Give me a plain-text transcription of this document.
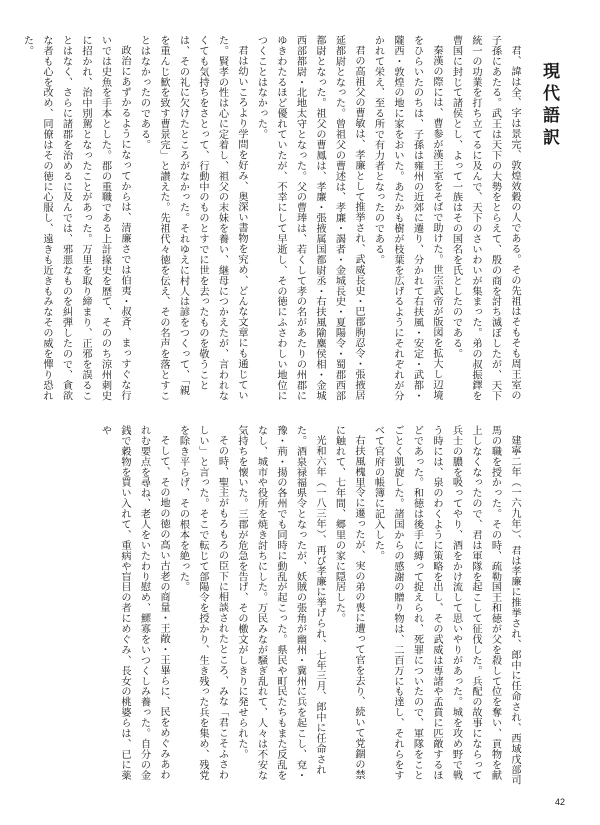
現代語訳

君、諱は全、字は景完、敦煌效穀の人である。その先祖はそもそも周王室の子孫にあたる。武王は天下の大勢をとらえて、殷の商を討ち滅ぼしたが、天下統一の功業を打ち立てるに及んで、天下のさいわいが集まった。弟の叔振鐸を曹国に封じて諸侯とし、よって一族はその国名を氏としたのである。

秦漢の際には、曹参が漢王室をそばで助けた。世宗武帝が版図を拡大し辺境をひらいたのちは、子孫は雍州の近郊に遷り、分かれて右扶風・安定・武都・隴西・敦煌の地に家をおいた。あたかも樹が枝葉を広げるようにそれぞれが分かれて栄え、至る所で有力者となったのである。

君の高祖父の曹敏は、孝廉として推挙され、武威長史・巴郡朐忍令・張掖居延都尉となった。曾祖父の曹述は、孝廉・謁者・金城長史・夏陽令・蜀郡西部都尉となった。祖父の曹鳳は、孝廉・張掖属国都尉丞・右扶風隃麋侯相・金城西部都尉・北地太守となった。父の曹琫は、若くして孝の名があたりの州郡にゆきわたるほど優れていたが、不幸にして早逝し、その徳にふさわしい地位につくことはなかった。

君は幼いころより学問を好み、奥深い書物を究め、どんな文章にも通じていた。賢孝の性は心に定着し、祖父の末妹を養い、継母につかえたが、言われなくても気持ちをさとって、行動中のものとすでに世を去ったものを敬うことは、その礼に欠けたところがなかった。それゆえに村人は諺をつくって、「親を重んじ歓を致す曹景完」と讃えた。先祖代々徳を伝え、その名声を落とすことはなかったのである。

政治にあずかるようになってからは、清廉さでは伯夷・叔斉、まっすぐな行いでは史魚を手本とした。郡の重職である上計掾史を歴て、そののち涼州刺史に招かれ、治中別駕となったことがあった。万里を取り締まり、正邪を誤ることはなく、さらに諸郡を治めるに及んでは、邪悪なものを糾弾したので、貪欲な者も心を改め、同僚はその徳に心服し、遠きも近きもみなその威を憚り恐れた。

建寧二年（一六九年）、君は孝廉に推挙され、郎中に任命され、西域戊部司馬の職を授かった。その時、疏勒国王和徳が父を殺して位を奪い、貢物を献上しなくなったので、君は軍隊を起こして征伐した。兵配の故事にならって兵士の膿を吸ってやり、酒をかけ流して思いやりがあった。城を攻め野で戦う時には、泉のわくように策略を出し、その武威は専諸や孟賁に匹敵するほどであった。和徳は後手に縛って捉えられ、死罪についたので、軍隊をことごとく凱旋した。諸国からの感謝の贈り物は、二百万にも達し、それらをすべて官府の帳簿に記入した。

右扶風槐里令に遷ったが、実の弟の喪に遭って官を去り、続いて党錮の禁に触れて、七年間、郷里の家に隠居した。

光和六年（一八三年）、再び孝廉に挙げられ、七年三月、郎中に任命された。酒泉禄福県令となったが、妖賊の張角が幽州・冀州に兵を起こし、兗・豫・荊・揚の各州でも同時に動乱が起こった。県民や町民たちもまた反乱をなし、城市や役所を焼き討ちにした。万民みなが騒ぎ乱れて、人々は不安な気持ちを懐いた。三郡が危急を告げ、その檄文がしきりに発せられた。

その時、聖主がもろもろの臣下に相談されたところ、みな「君こそふさわしい」と言った。そこで転じて郃陽令を授かり、生き残った兵を集め、残党を除き平らげ、その根本を絶った。

そして、その地の徳の高い古老の商量・王敞・王畢らに、民をめぐみあわれむ要点を尋ね、老人をいたわり慰め、鰥寡をいつくしみ養った。自分の金銭で穀物を買い入れて、重病や盲目の者にめぐみ、長女の桃婆らは、已に薬や

42
